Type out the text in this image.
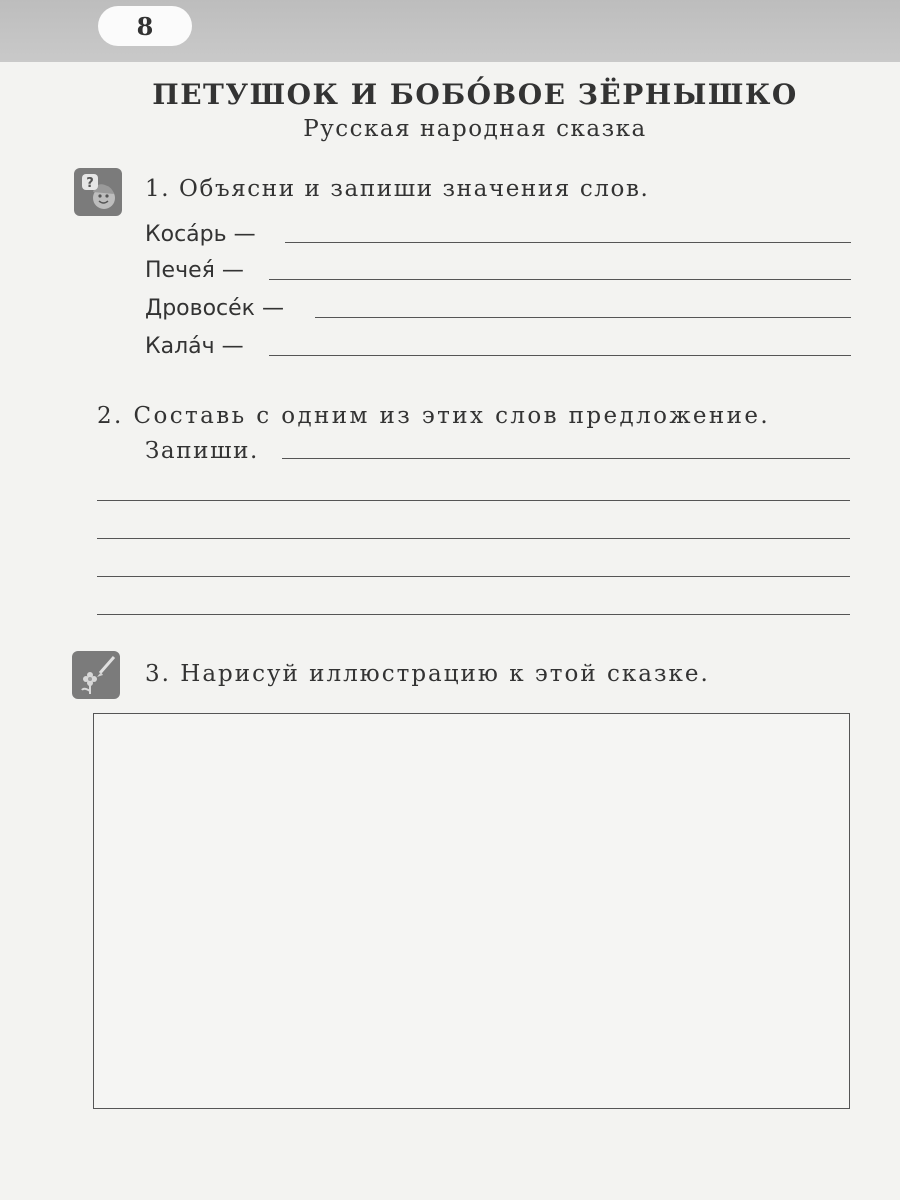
8
ПЕТУШОК И БОБО́ВОЕ ЗЁРНЫШКО
Русская народная сказка
? 1. Объясни и запиши значения слов.
Коса́рь —
Печея́ —
Дровосе́к —
Кала́ч —
2. Составь с одним из этих слов предложение.
Запиши.
3. Нарисуй иллюстрацию к этой сказке.
